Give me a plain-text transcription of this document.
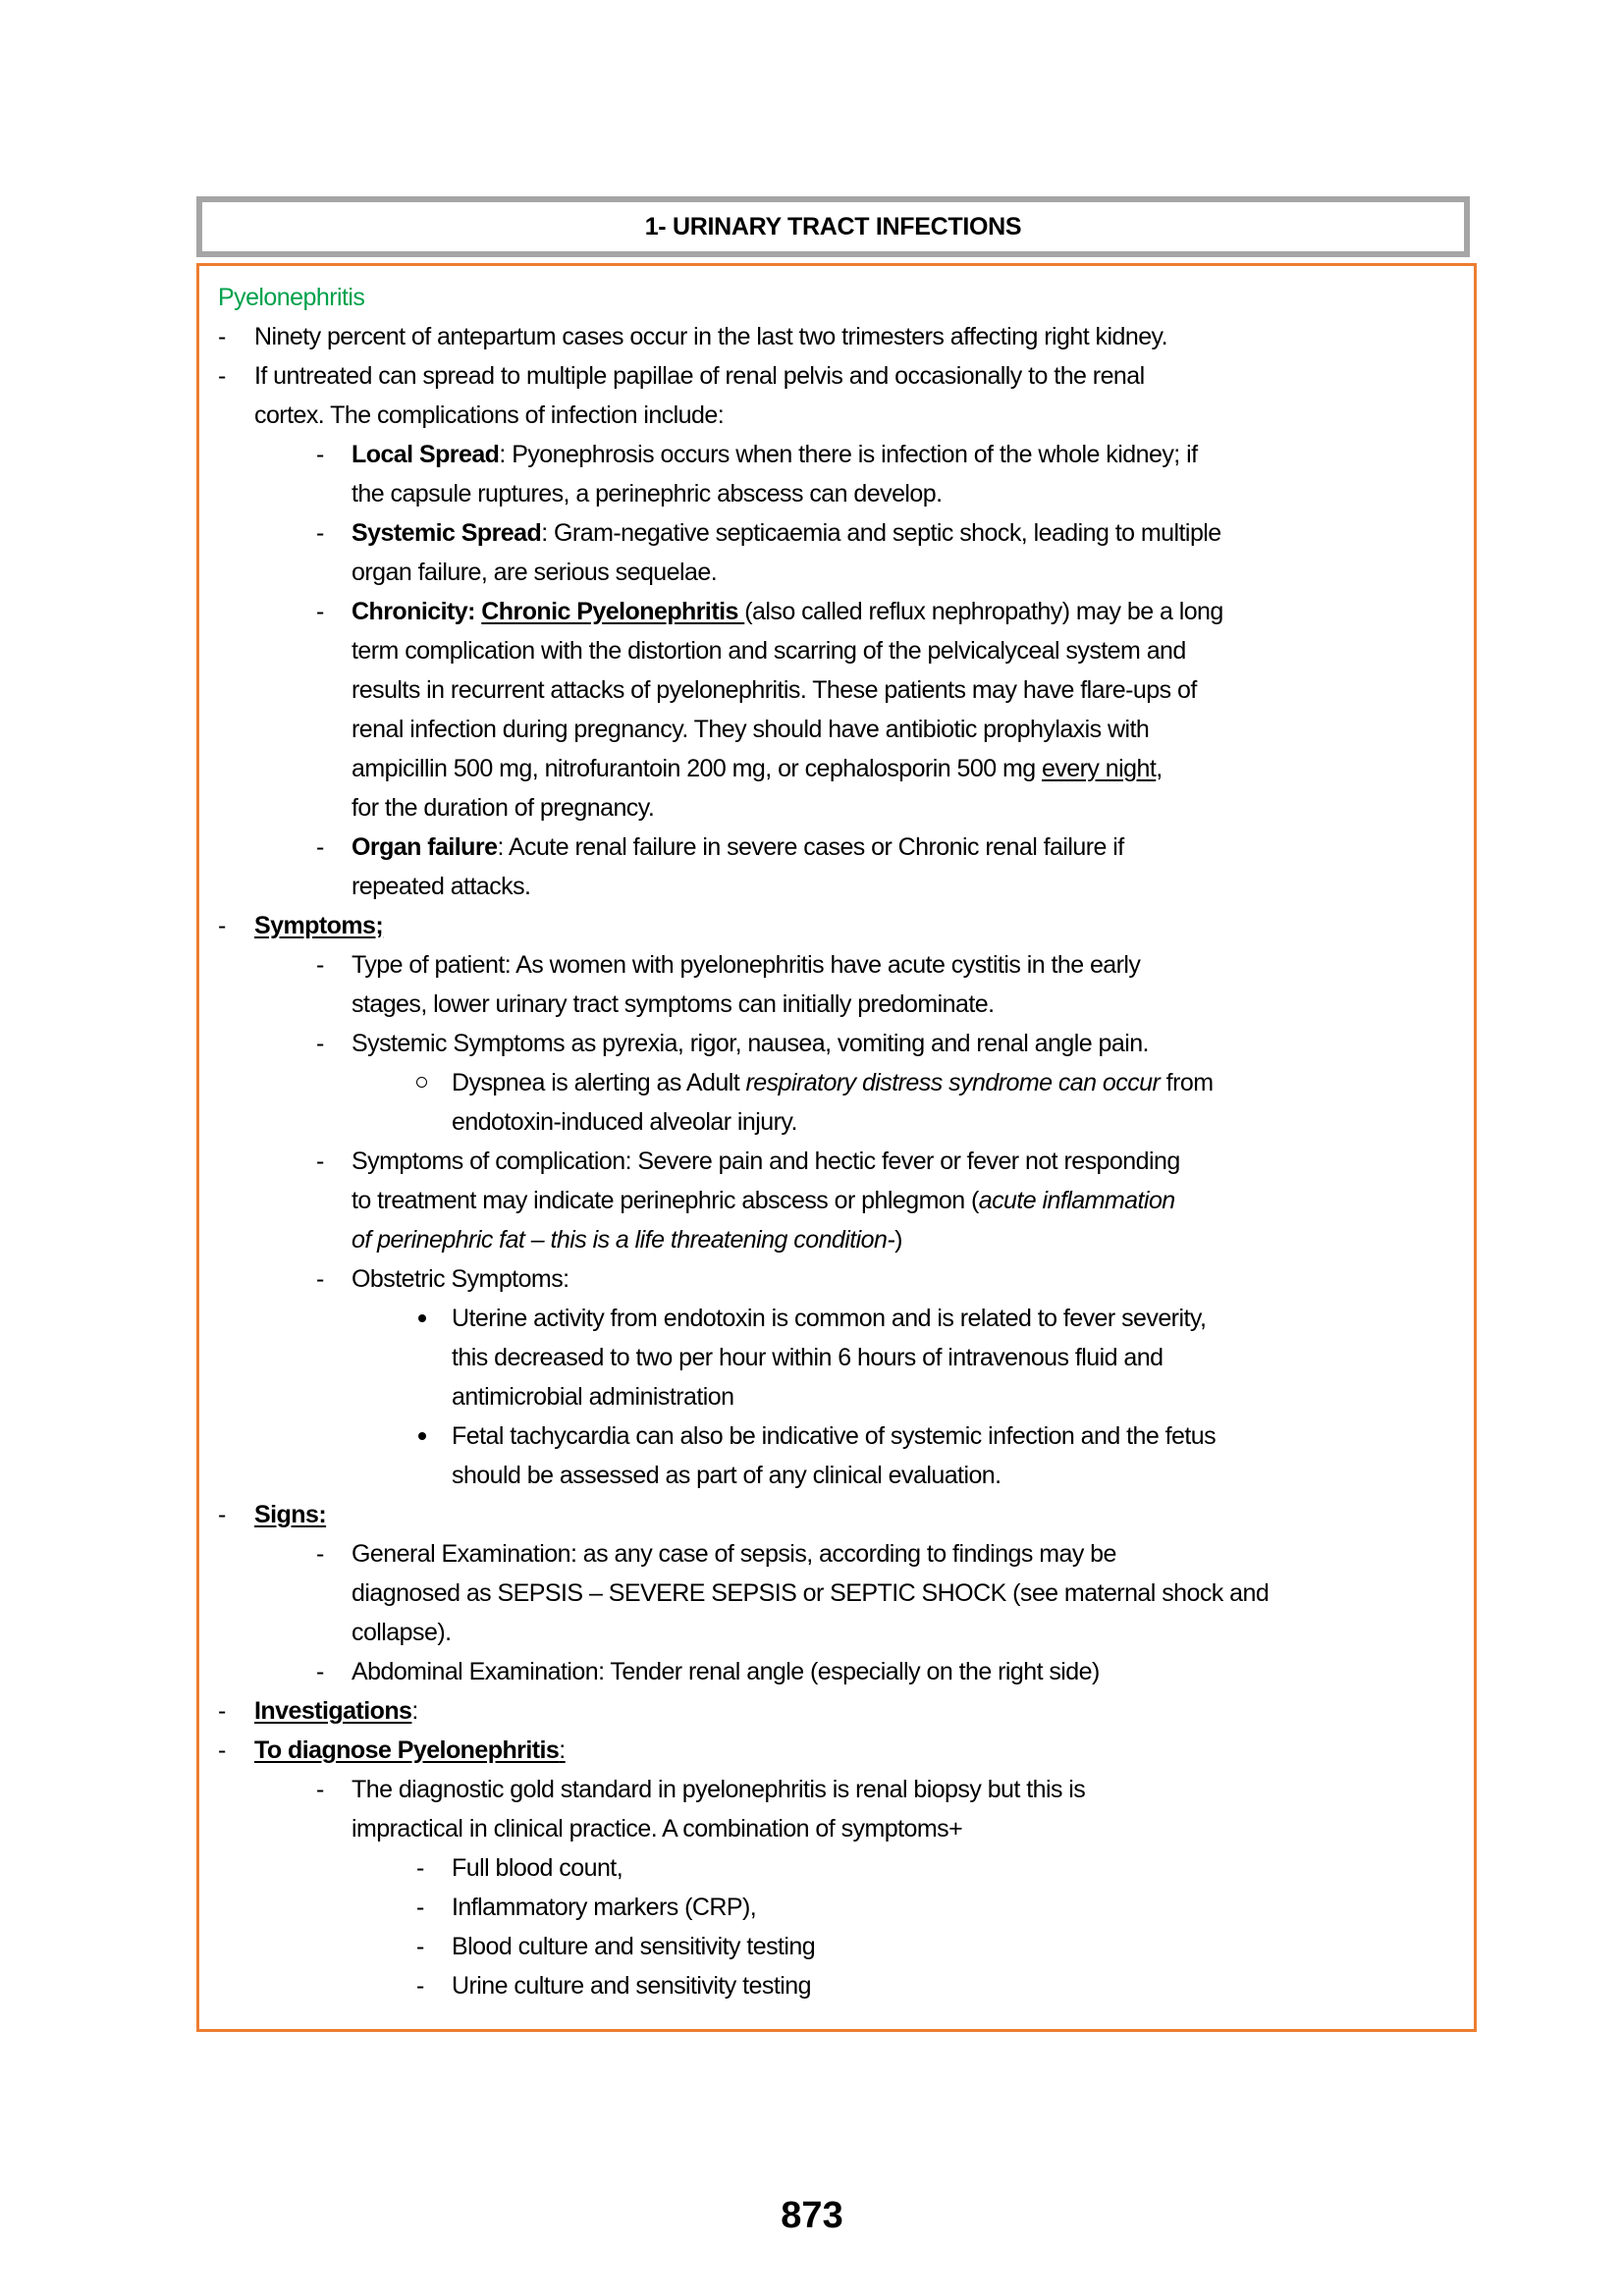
1- URINARY TRACT INFECTIONS
Pyelonephritis
- Ninety percent of antepartum cases occur in the last two trimesters affecting right kidney.
- If untreated can spread to multiple papillae of renal pelvis and occasionally to the renal
cortex. The complications of infection include:
- Local Spread: Pyonephrosis occurs when there is infection of the whole kidney; if
the capsule ruptures, a perinephric abscess can develop.
- Systemic Spread: Gram-negative septicaemia and septic shock, leading to multiple
organ failure, are serious sequelae.
- Chronicity: Chronic Pyelonephritis (also called reflux nephropathy) may be a long
term complication with the distortion and scarring of the pelvicalyceal system and
results in recurrent attacks of pyelonephritis. These patients may have flare-ups of
renal infection during pregnancy. They should have antibiotic prophylaxis with
ampicillin 500 mg, nitrofurantoin 200 mg, or cephalosporin 500 mg every night,
for the duration of pregnancy.
- Organ failure: Acute renal failure in severe cases or Chronic renal failure if
repeated attacks.
- Symptoms;
- Type of patient: As women with pyelonephritis have acute cystitis in the early
stages, lower urinary tract symptoms can initially predominate.
- Systemic Symptoms as pyrexia, rigor, nausea, vomiting and renal angle pain.
Dyspnea is alerting as Adult respiratory distress syndrome can occur from
endotoxin-induced alveolar injury.
- Symptoms of complication: Severe pain and hectic fever or fever not responding
to treatment may indicate perinephric abscess or phlegmon (acute inflammation
of perinephric fat – this is a life threatening condition-)
- Obstetric Symptoms:
Uterine activity from endotoxin is common and is related to fever severity,
this decreased to two per hour within 6 hours of intravenous fluid and
antimicrobial administration
Fetal tachycardia can also be indicative of systemic infection and the fetus
should be assessed as part of any clinical evaluation.
- Signs:
- General Examination: as any case of sepsis, according to findings may be
diagnosed as SEPSIS – SEVERE SEPSIS or SEPTIC SHOCK (see maternal shock and
collapse).
- Abdominal Examination: Tender renal angle (especially on the right side)
- Investigations:
- To diagnose Pyelonephritis:
- The diagnostic gold standard in pyelonephritis is renal biopsy but this is
impractical in clinical practice. A combination of symptoms+
- Full blood count,
- Inflammatory markers (CRP),
- Blood culture and sensitivity testing
- Urine culture and sensitivity testing
873
